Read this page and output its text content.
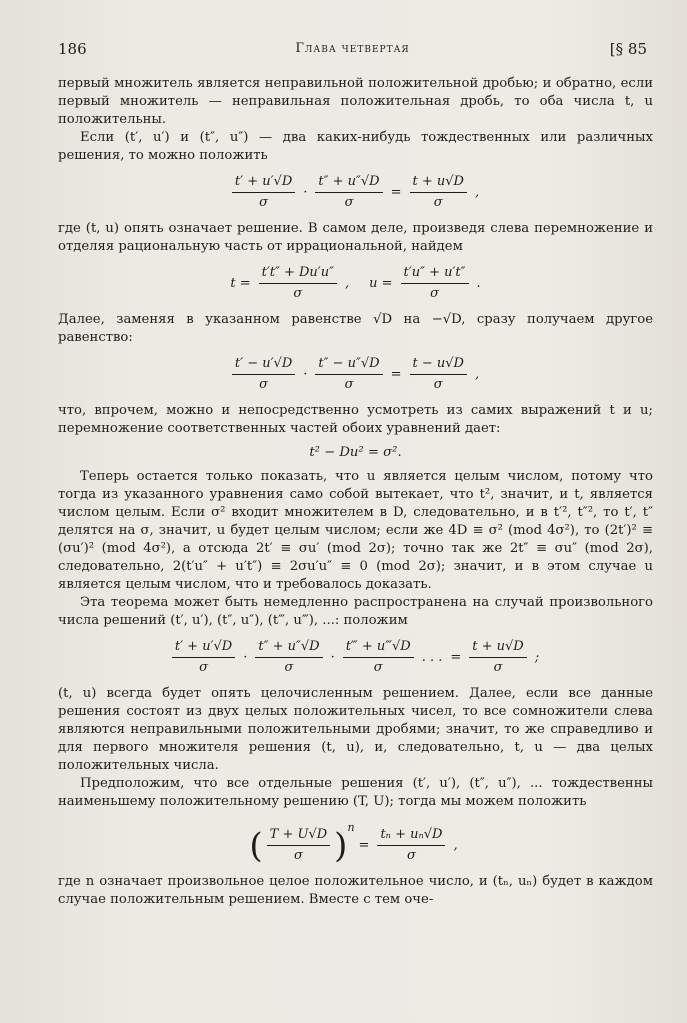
186	Глава четвертая	[§ 85

первый множитель является неправильной положительной дробью; и обратно, если первый множитель — неправильная положительная дробь, то оба числа t, u положительны.

Если (t′, u′) и (t″, u″) — два каких-нибудь тождественных или различных решения, то можно положить

$\frac{t' + u'√D}{\sigma} \cdot \frac{t'' + u''√D}{\sigma} = \frac{t + u√D}{\sigma}$ ,

где (t, u) опять означает решение. В самом деле, произведя слева перемножение и отделяя рациональную часть от иррациональной, найдем

$t = \frac{t't'' + Du'u''}{\sigma}$ , $u = \frac{t'u'' + u't''}{\sigma}$ .

Далее, заменяя в указанном равенстве √D на −√D, сразу получаем другое равенство:

$\frac{t' - u'√D}{\sigma} \cdot \frac{t'' - u''√D}{\sigma} = \frac{t - u√D}{\sigma}$ ,

что, впрочем, можно и непосредственно усмотреть из самих выражений t и u; перемножение соответственных частей обоих уравнений дает:

t² − Du² = σ².

Теперь остается только показать, что u является целым числом, потому что тогда из указанного уравнения само собой вытекает, что t², значит, и t, является числом целым. Если σ² входит множителем в D, следовательно, и в t′², t″², то t′, t″ делятся на σ, значит, u будет целым числом; если же 4D ≡ σ² (mod 4σ²), то (2t′)² ≡ (σu′)² (mod 4σ²), а отсюда 2t′ ≡ σu′ (mod 2σ); точно так же 2t″ ≡ σu″ (mod 2σ), следовательно, 2(t′u″ + u′t″) ≡ 2σu′u″ ≡ 0 (mod 2σ); значит, и в этом случае u является целым числом, что и требовалось доказать.

Эта теорема может быть немедленно распространена на случай произвольного числа решений (t′, u′), (t″, u″), (t‴, u‴), ...: положим

$\frac{t' + u'√D}{\sigma} \cdot \frac{t'' + u''√D}{\sigma} \cdot \frac{t‴ + u‴√D}{\sigma}$ . . . = $\frac{t + u√D}{\sigma}$ ;

(t, u) всегда будет опять целочисленным решением. Далее, если все данные решения состоят из двух целых положительных чисел, то все сомножители слева являются неправильными положительными дробями; значит, то же справедливо и для первого множителя решения (t, u), и, следовательно, t, u — два целых положительных числа.

Предположим, что все отдельные решения (t′, u′), (t″, u″), ... тождественны наименьшему положительному решению (T, U); тогда мы можем положить

( $\frac{T + U√D}{\sigma} )^n= \frac{\text{tₙ + uₙ√D}}{\sigma}$ ,

где n означает произвольное целое положительное число, и (tₙ, uₙ) будет в каждом случае положительным решением. Вместе с тем оче-
